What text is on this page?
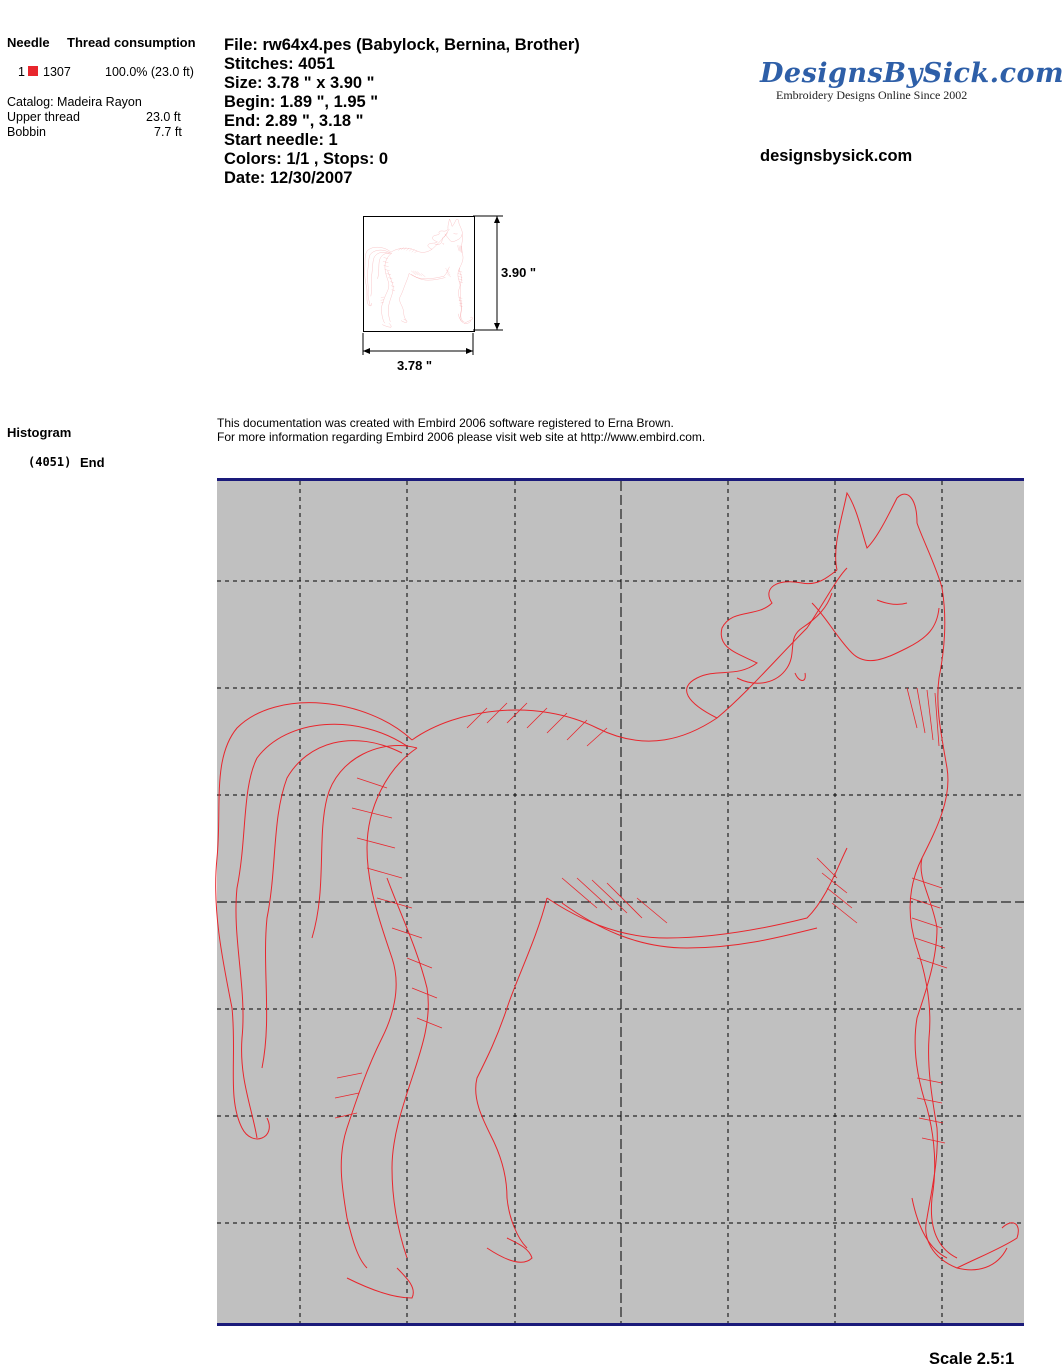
Needle Thread consumption
1 1307	100.0% (23.0 ft)
Catalog: Madeira Rayon
Upper thread	23.0 ft
Bobbin	7.7 ft
File: rw64x4.pes (Babylock, Bernina, Brother)
Stitches: 4051
Size: 3.78 " x 3.90 "
Begin: 1.89 ", 1.95 "
End: 2.89 ", 3.18 "
Start needle: 1
Colors: 1/1 , Stops: 0
Date: 12/30/2007
DesignsBySick.com
Embroidery Designs Online Since 2002
designsbysick.com
3.90 "
3.78 "
Histogram
(4051) End
This documentation was created with Embird 2006 software registered to Erna Brown.
For more information regarding Embird 2006 please visit web site at http://www.embird.com.
Scale 2.5:1
